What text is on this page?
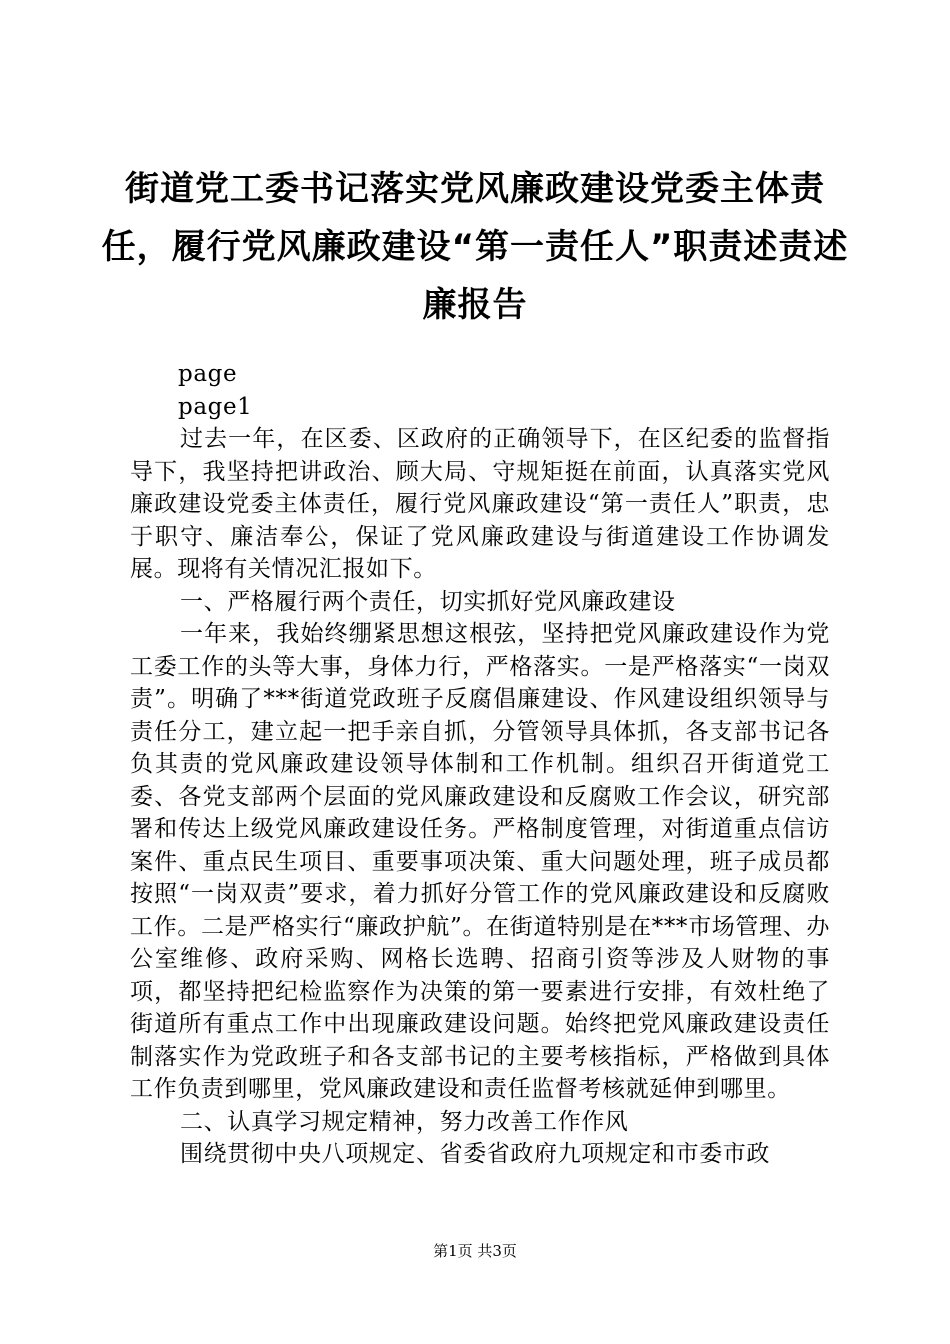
街道党工委书记落实党风廉政建设党委主体责任，履行党风廉政建设“第一责任人”职责述责述廉报告

page

page1

过去一年，在区委、区政府的正确领导下，在区纪委的监督指导下，我坚持把讲政治、顾大局、守规矩挺在前面，认真落实党风廉政建设党委主体责任，履行党风廉政建设“第一责任人”职责，忠于职守、廉洁奉公，保证了党风廉政建设与街道建设工作协调发展。现将有关情况汇报如下。

一、严格履行两个责任，切实抓好党风廉政建设

一年来，我始终绷紧思想这根弦，坚持把党风廉政建设作为党工委工作的头等大事，身体力行，严格落实。一是严格落实“一岗双责”。明确了***街道党政班子反腐倡廉建设、作风建设组织领导与责任分工，建立起一把手亲自抓，分管领导具体抓，各支部书记各负其责的党风廉政建设领导体制和工作机制。组织召开街道党工委、各党支部两个层面的党风廉政建设和反腐败工作会议，研究部署和传达上级党风廉政建设任务。严格制度管理，对街道重点信访案件、重点民生项目、重要事项决策、重大问题处理，班子成员都按照“一岗双责”要求，着力抓好分管工作的党风廉政建设和反腐败工作。二是严格实行“廉政护航”。在街道特别是在***市场管理、办公室维修、政府采购、网格长选聘、招商引资等涉及人财物的事项，都坚持把纪检监察作为决策的第一要素进行安排，有效杜绝了街道所有重点工作中出现廉政建设问题。始终把党风廉政建设责任制落实作为党政班子和各支部书记的主要考核指标，严格做到具体工作负责到哪里，党风廉政建设和责任监督考核就延伸到哪里。

二、认真学习规定精神，努力改善工作作风

围绕贯彻中央八项规定、省委省政府九项规定和市委市政

第1页 共3页
